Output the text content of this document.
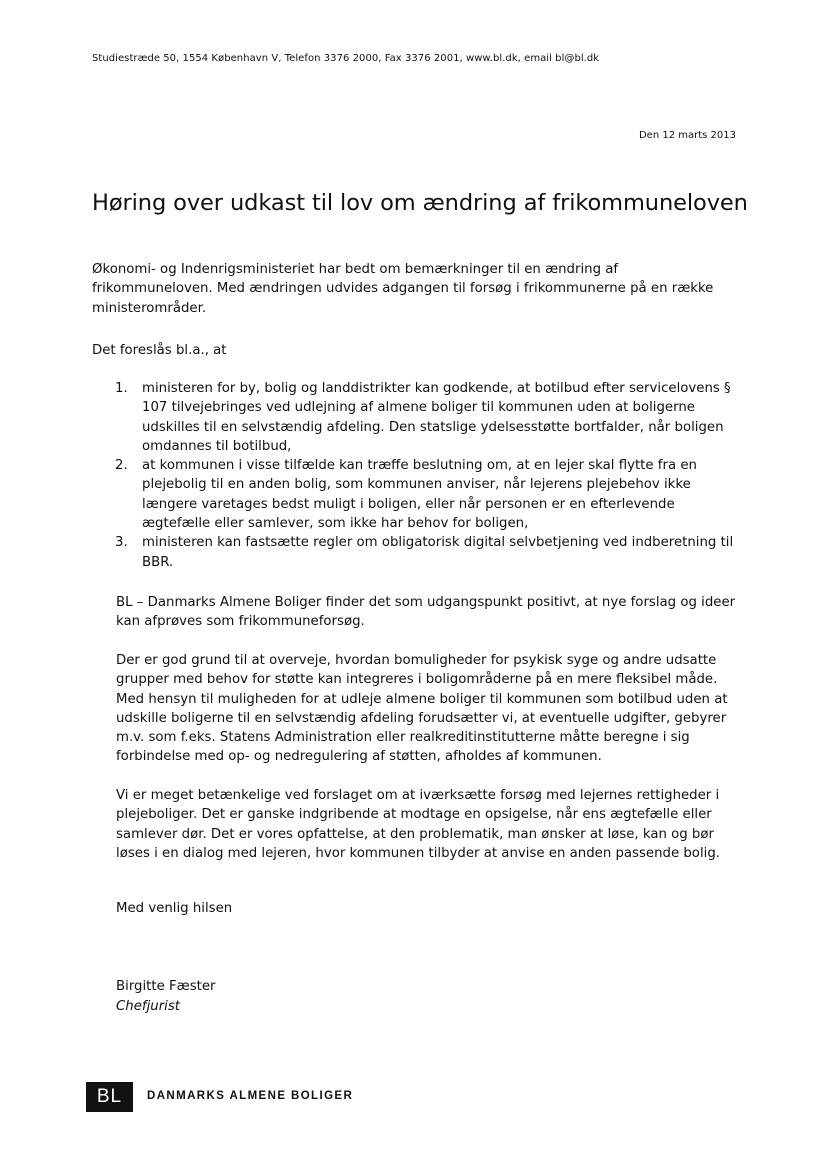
Studiestræde 50, 1554 København V, Telefon 3376 2000, Fax 3376 2001, www.bl.dk, email bl@bl.dk
Den 12 marts 2013
Høring over udkast til lov om ændring af frikommuneloven

Økonomi- og Indenrigsministeriet har bedt om bemærkninger til en ændring af frikommuneloven. Med ændringen udvides adgangen til forsøg i frikommunerne på en række ministerområder.

Det foreslås bl.a., at

1. ministeren for by, bolig og landdistrikter kan godkende, at botilbud efter servicelovens § 107 tilvejebringes ved udlejning af almene boliger til kommunen uden at boligerne udskilles til en selvstændig afdeling. Den statslige ydelsesstøtte bortfalder, når boligen omdannes til botilbud,
2. at kommunen i visse tilfælde kan træffe beslutning om, at en lejer skal flytte fra en plejebolig til en anden bolig, som kommunen anviser, når lejerens plejebehov ikke længere varetages bedst muligt i boligen, eller når personen er en efterlevende ægtefælle eller samlever, som ikke har behov for boligen,
3. ministeren kan fastsætte regler om obligatorisk digital selvbetjening ved indberetning til BBR.

BL – Danmarks Almene Boliger finder det som udgangspunkt positivt, at nye forslag og ideer kan afprøves som frikommuneforsøg.

Der er god grund til at overveje, hvordan bomuligheder for psykisk syge og andre udsatte grupper med behov for støtte kan integreres i boligområderne på en mere fleksibel måde. Med hensyn til muligheden for at udleje almene boliger til kommunen som botilbud uden at udskille boligerne til en selvstændig afdeling forudsætter vi, at eventuelle udgifter, gebyrer m.v. som f.eks. Statens Administration eller realkreditinstitutterne måtte beregne i sig forbindelse med op- og nedregulering af støtten, afholdes af kommunen.

Vi er meget betænkelige ved forslaget om at iværksætte forsøg med lejernes rettigheder i plejeboliger. Det er ganske indgribende at modtage en opsigelse, når ens ægtefælle eller samlever dør. Det er vores opfattelse, at den problematik, man ønsker at løse, kan og bør løses i en dialog med lejeren, hvor kommunen tilbyder at anvise en anden passende bolig.

Med venlig hilsen
Birgitte Fæster
Chefjurist
BL	DANMARKS ALMENE BOLIGER
